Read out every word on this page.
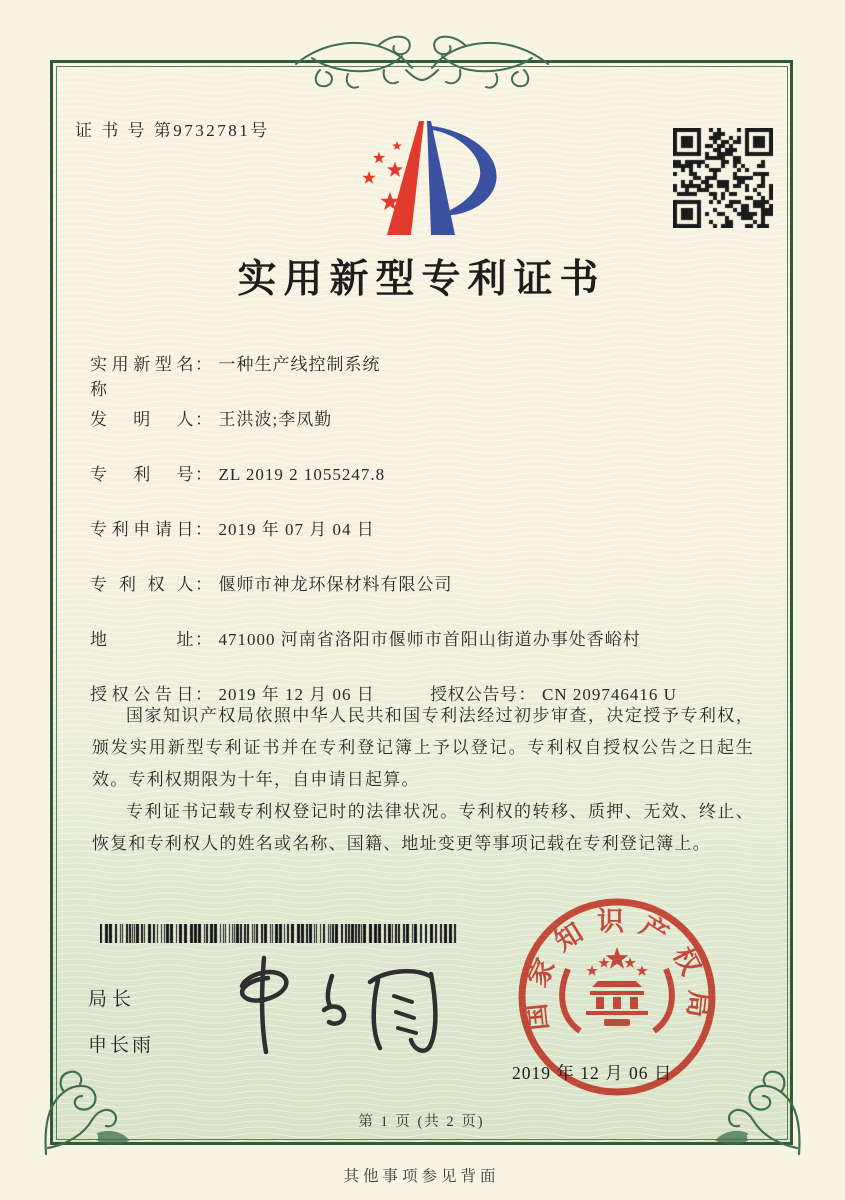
证 书 号 第9732781号
实用新型专利证书
实用新型名称： 一种生产线控制系统
发明人： 王洪波;李凤勤
专利号： ZL 2019 2 1055247.8
专利申请日： 2019 年 07 月 04 日
专利权人： 偃师市神龙环保材料有限公司
地址： 471000 河南省洛阳市偃师市首阳山街道办事处香峪村
授权公告日： 2019 年 12 月 06 日	授权公告号： CN 209746416 U

国家知识产权局依照中华人民共和国专利法经过初步审查，决定授予专利权，颁发实用新型专利证书并在专利登记簿上予以登记。专利权自授权公告之日起生效。专利权期限为十年，自申请日起算。

专利证书记载专利权登记时的法律状况。专利权的转移、质押、无效、终止、恢复和专利权人的姓名或名称、国籍、地址变更等事项记载在专利登记簿上。

局长
申长雨
国家知识产权局
2019 年 12 月 06 日
第 1 页 (共 2 页)
其他事项参见背面
